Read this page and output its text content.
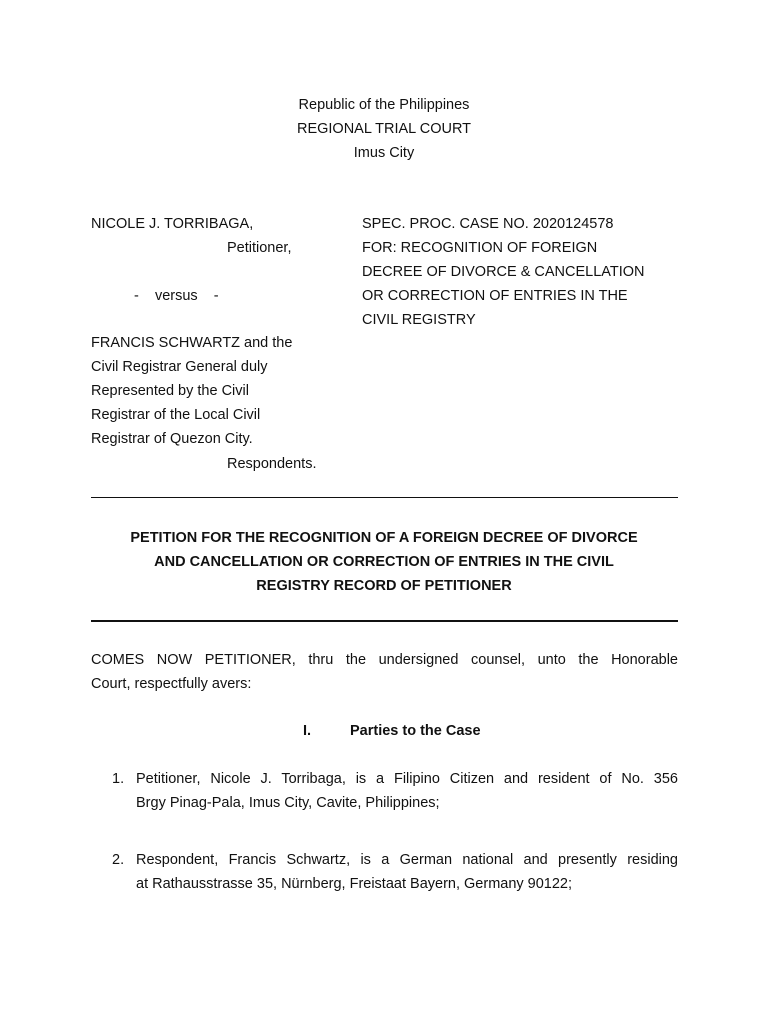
Republic of the Philippines
REGIONAL TRIAL COURT
Imus City
NICOLE J. TORRIBAGA,
Petitioner,
-    versus    -
FRANCIS SCHWARTZ and the
Civil Registrar General duly
Represented by the Civil
Registrar of the Local Civil
Registrar of Quezon City.
Respondents.
SPEC. PROC. CASE NO. 2020124578
FOR: RECOGNITION OF FOREIGN
DECREE OF DIVORCE & CANCELLATION
OR CORRECTION OF ENTRIES IN THE
CIVIL REGISTRY
PETITION FOR THE RECOGNITION OF A FOREIGN DECREE OF DIVORCE
AND CANCELLATION OR CORRECTION OF ENTRIES IN THE CIVIL
REGISTRY RECORD OF PETITIONER
COMES NOW PETITIONER, thru the undersigned counsel, unto the Honorable
Court, respectfully avers:
I.	Parties to the Case
1. Petitioner, Nicole J. Torribaga, is a Filipino Citizen and resident of No. 356
Brgy Pinag-Pala, Imus City, Cavite, Philippines;
2. Respondent, Francis Schwartz, is a German national and presently residing
at Rathausstrasse 35, Nürnberg, Freistaat Bayern, Germany 90122;
